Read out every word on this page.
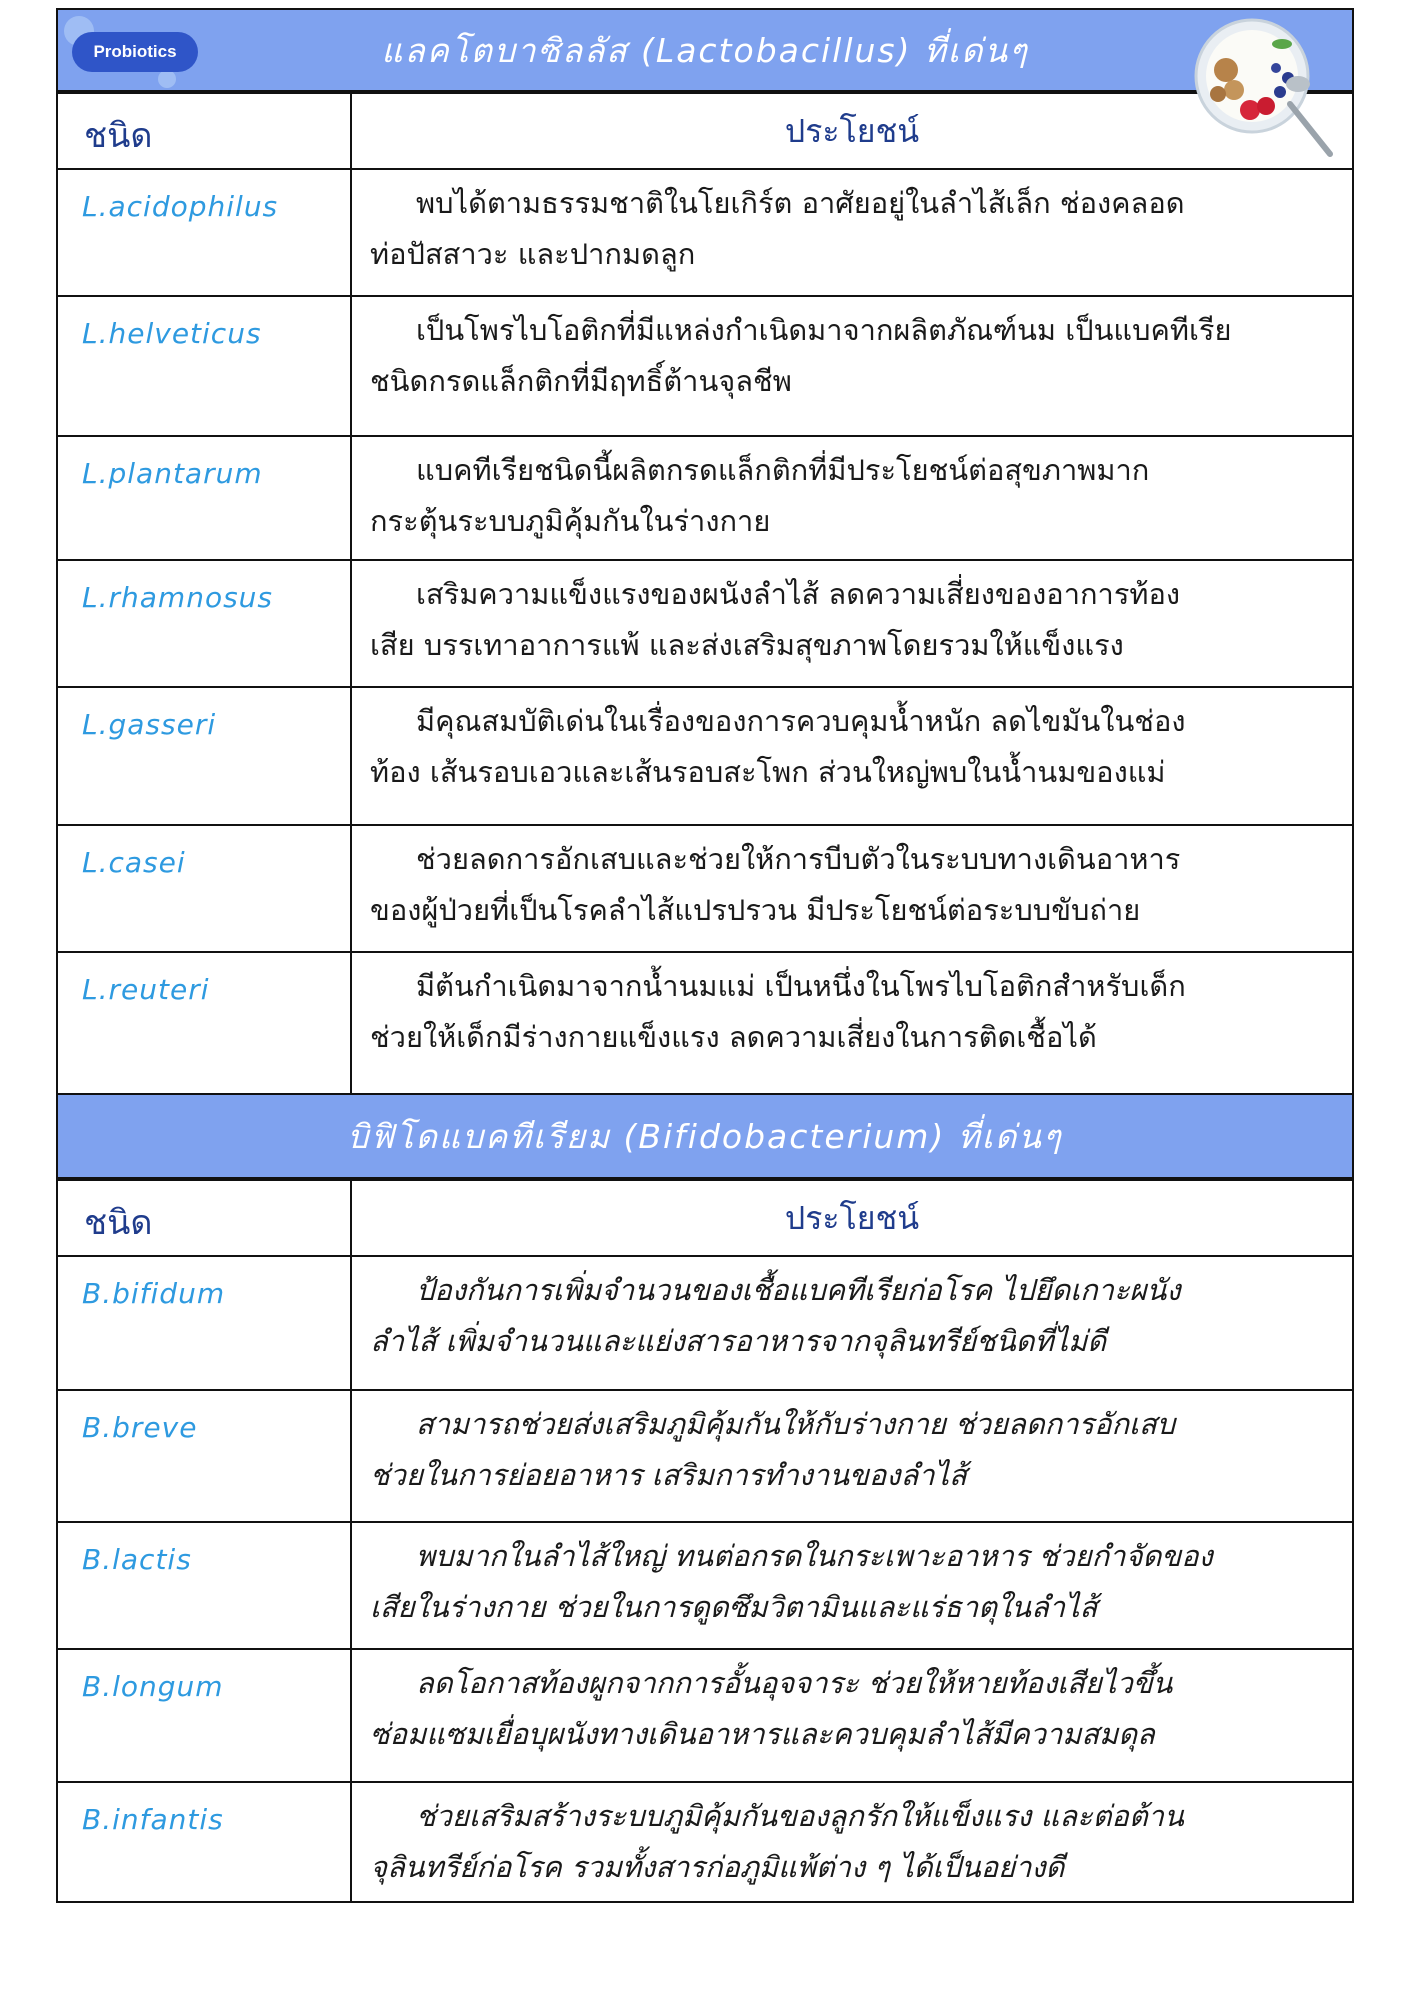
Probiotics	แลคโตบาซิลลัส (Lactobacillus) ที่เด่นๆ
ชนิด	ประโยชน์
L.acidophilus	พบได้ตามธรรมชาติในโยเกิร์ต อาศัยอยู่ในลำไส้เล็ก ช่องคลอด
ท่อปัสสาวะ และปากมดลูก
L.helveticus	เป็นโพรไบโอติกที่มีแหล่งกำเนิดมาจากผลิตภัณฑ์นม เป็นแบคทีเรีย
ชนิดกรดแล็กติกที่มีฤทธิ์ต้านจุลชีพ
L.plantarum	แบคทีเรียชนิดนี้ผลิตกรดแล็กติกที่มีประโยชน์ต่อสุขภาพมาก
กระตุ้นระบบภูมิคุ้มกันในร่างกาย
L.rhamnosus	เสริมความแข็งแรงของผนังลำไส้ ลดความเสี่ยงของอาการท้อง
เสีย บรรเทาอาการแพ้ และส่งเสริมสุขภาพโดยรวมให้แข็งแรง
L.gasseri	มีคุณสมบัติเด่นในเรื่องของการควบคุมน้ำหนัก ลดไขมันในช่อง
ท้อง เส้นรอบเอวและเส้นรอบสะโพก ส่วนใหญ่พบในน้ำนมของแม่
L.casei	ช่วยลดการอักเสบและช่วยให้การบีบตัวในระบบทางเดินอาหาร
ของผู้ป่วยที่เป็นโรคลำไส้แปรปรวน มีประโยชน์ต่อระบบขับถ่าย
L.reuteri	มีต้นกำเนิดมาจากน้ำนมแม่ เป็นหนึ่งในโพรไบโอติกสำหรับเด็ก
ช่วยให้เด็กมีร่างกายแข็งแรง ลดความเสี่ยงในการติดเชื้อได้
บิฟิโดแบคทีเรียม (Bifidobacterium) ที่เด่นๆ
ชนิด	ประโยชน์
B.bifidum	ป้องกันการเพิ่มจำนวนของเชื้อแบคทีเรียก่อโรค ไปยึดเกาะผนัง
ลำไส้ เพิ่มจำนวนและแย่งสารอาหารจากจุลินทรีย์ชนิดที่ไม่ดี
B.breve	สามารถช่วยส่งเสริมภูมิคุ้มกันให้กับร่างกาย ช่วยลดการอักเสบ
ช่วยในการย่อยอาหาร เสริมการทำงานของลำไส้
B.lactis	พบมากในลำไส้ใหญ่ ทนต่อกรดในกระเพาะอาหาร ช่วยกำจัดของ
เสียในร่างกาย ช่วยในการดูดซึมวิตามินและแร่ธาตุในลำไส้
B.longum	ลดโอกาสท้องผูกจากการอั้นอุจจาระ ช่วยให้หายท้องเสียไวขึ้น
ซ่อมแซมเยื่อบุผนังทางเดินอาหารและควบคุมลำไส้มีความสมดุล
B.infantis	ช่วยเสริมสร้างระบบภูมิคุ้มกันของลูกรักให้แข็งแรง และต่อต้าน
จุลินทรีย์ก่อโรค รวมทั้งสารก่อภูมิแพ้ต่าง ๆ ได้เป็นอย่างดี
